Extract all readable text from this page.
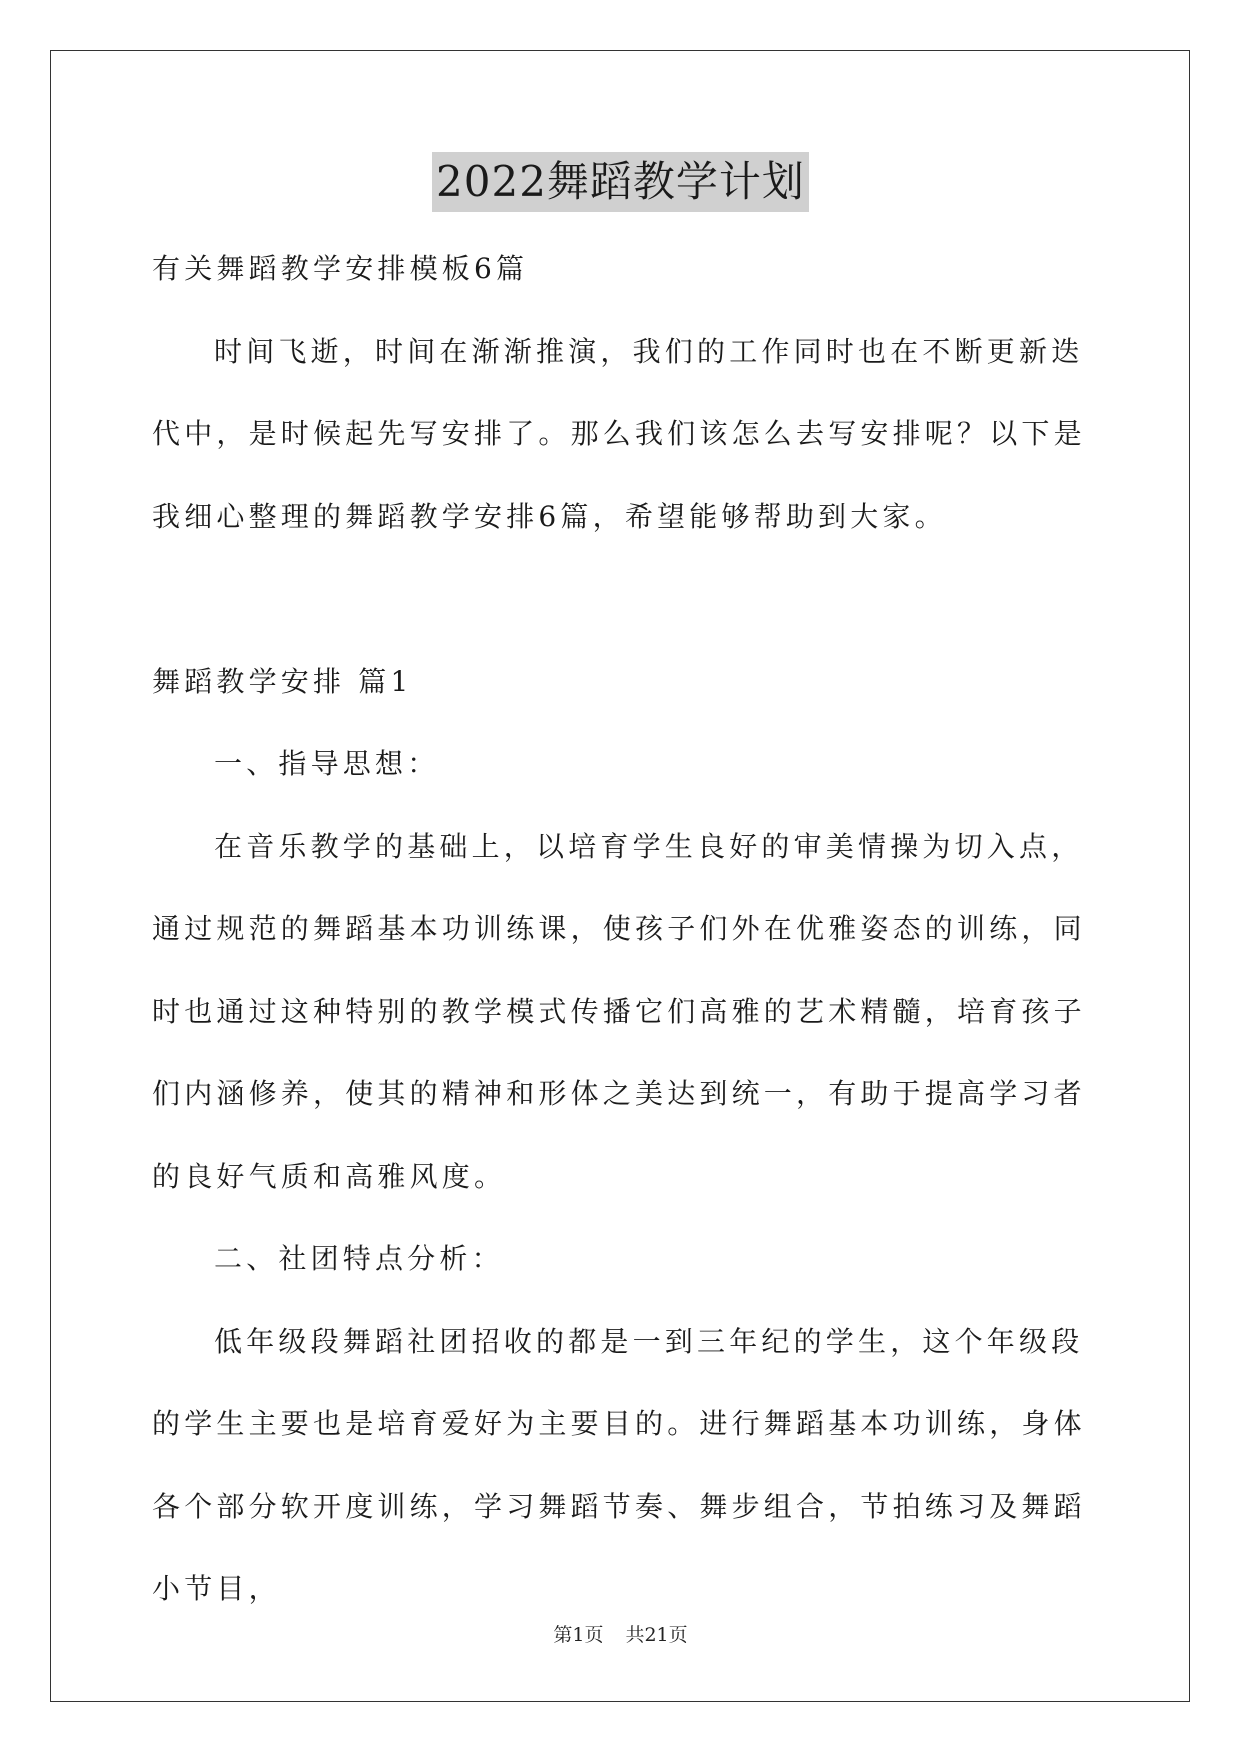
2022舞蹈教学计划

有关舞蹈教学安排模板6篇

时间飞逝，时间在渐渐推演，我们的工作同时也在不断更新迭代中，是时候起先写安排了。那么我们该怎么去写安排呢？以下是我细心整理的舞蹈教学安排6篇，希望能够帮助到大家。

舞蹈教学安排 篇1

一、指导思想：

在音乐教学的基础上，以培育学生良好的审美情操为切入点，通过规范的舞蹈基本功训练课，使孩子们外在优雅姿态的训练，同时也通过这种特别的教学模式传播它们高雅的艺术精髓，培育孩子们内涵修养，使其的精神和形体之美达到统一，有助于提高学习者的良好气质和高雅风度。

二、社团特点分析：

低年级段舞蹈社团招收的都是一到三年纪的学生，这个年级段的学生主要也是培育爱好为主要目的。进行舞蹈基本功训练，身体各个部分软开度训练，学习舞蹈节奏、舞步组合，节拍练习及舞蹈小节目，

第1页 共21页
